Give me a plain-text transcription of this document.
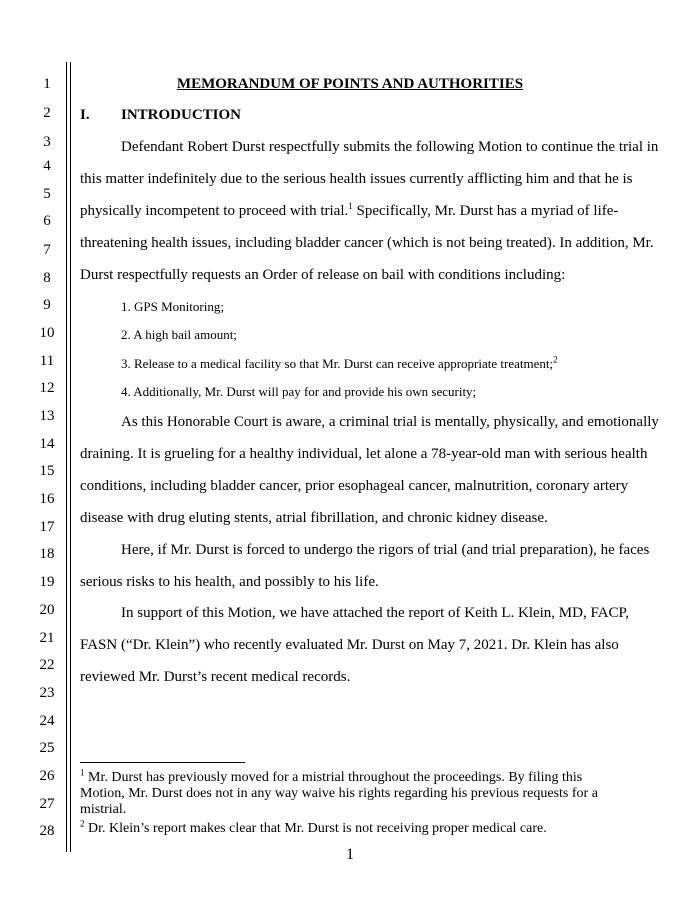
1
2
3
4
5
6
7
8
9
10
11
12
13
14
15
16
17
18
19
20
21
22
23
24
25
26
27
28
MEMORANDUM OF POINTS AND AUTHORITIES
I. INTRODUCTION
Defendant Robert Durst respectfully submits the following Motion to continue the trial in
this matter indefinitely due to the serious health issues currently afflicting him and that he is
physically incompetent to proceed with trial.$^1$ Specifically, Mr. Durst has a myriad of life-
threatening health issues, including bladder cancer (which is not being treated). In addition, Mr.
Durst respectfully requests an Order of release on bail with conditions including:
1. GPS Monitoring;
2. A high bail amount;
3. Release to a medical facility so that Mr. Durst can receive appropriate treatment;$^2$
4. Additionally, Mr. Durst will pay for and provide his own security;
As this Honorable Court is aware, a criminal trial is mentally, physically, and emotionally
draining. It is grueling for a healthy individual, let alone a 78-year-old man with serious health
conditions, including bladder cancer, prior esophageal cancer, malnutrition, coronary artery
disease with drug eluting stents, atrial fibrillation, and chronic kidney disease.
Here, if Mr. Durst is forced to undergo the rigors of trial (and trial preparation), he faces
serious risks to his health, and possibly to his life.
In support of this Motion, we have attached the report of Keith L. Klein, MD, FACP,
FASN (“Dr. Klein”) who recently evaluated Mr. Durst on May 7, 2021. Dr. Klein has also
reviewed Mr. Durst’s recent medical records.
$^1$ Mr. Durst has previously moved for a mistrial throughout the proceedings. By filing this Motion, Mr. Durst does not in any way waive his rights regarding his previous requests for a mistrial.
$^2$ Dr. Klein’s report makes clear that Mr. Durst is not receiving proper medical care.
1
